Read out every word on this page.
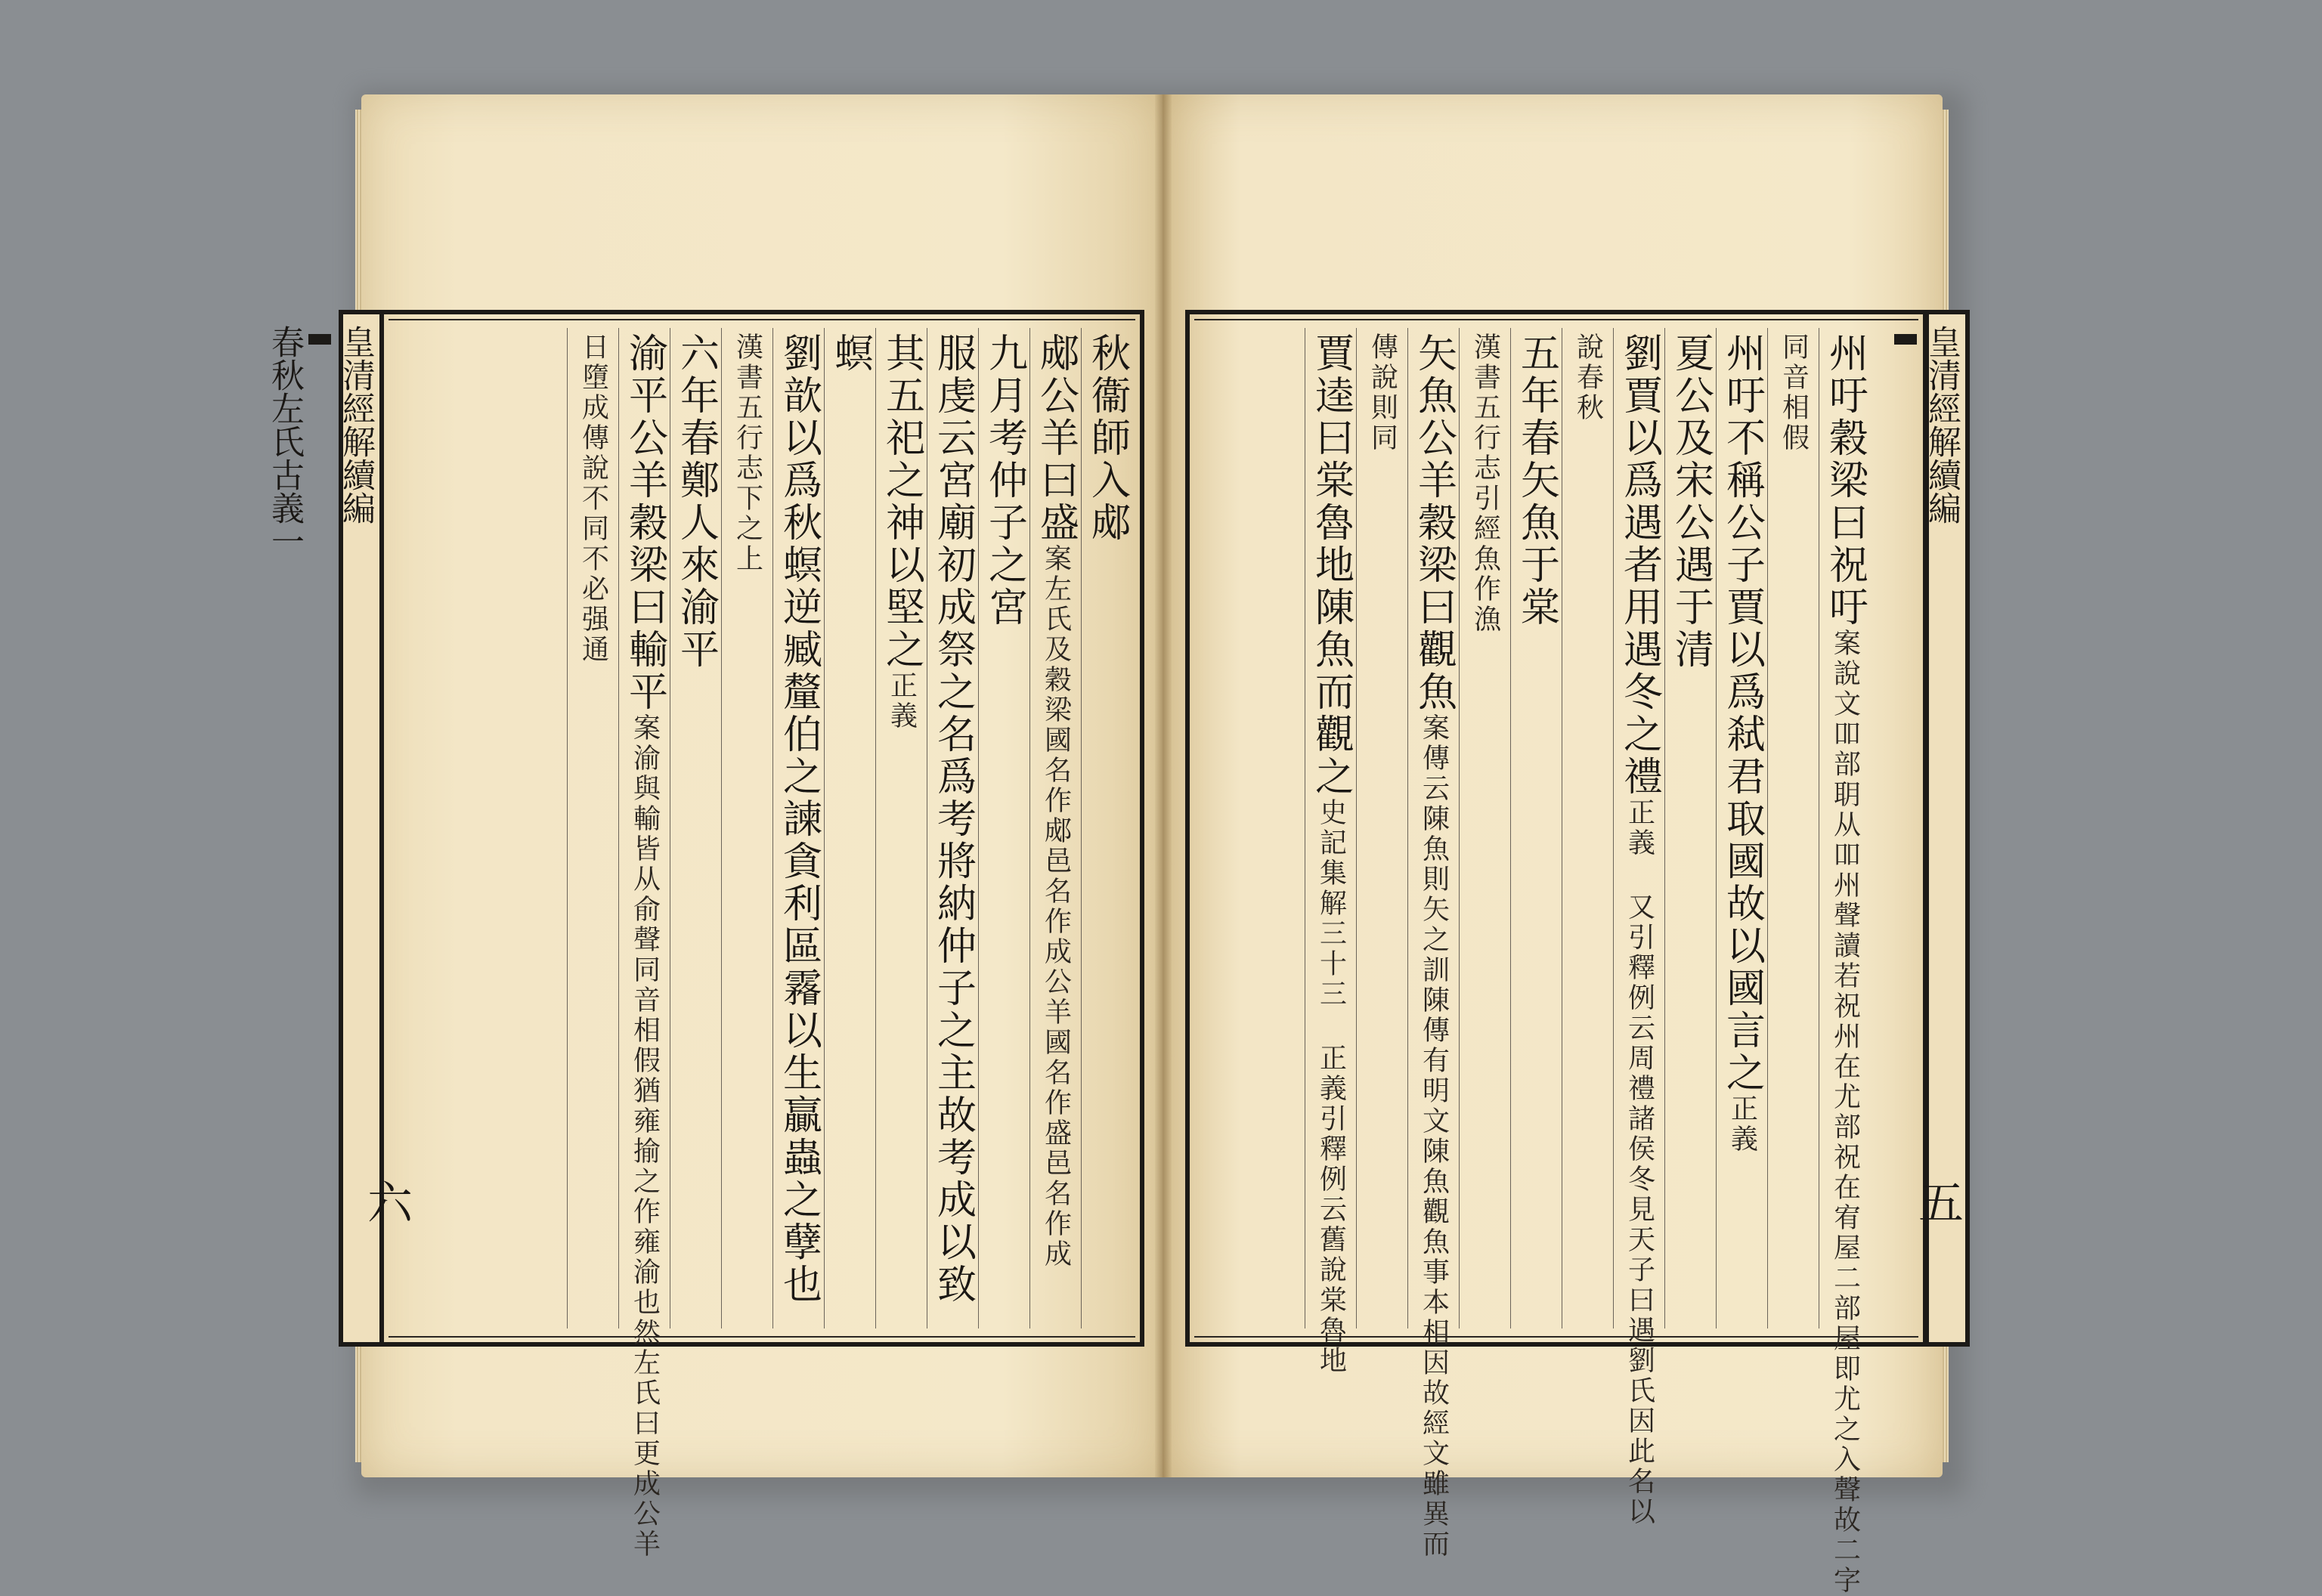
皇清經解續編
春秋左氏古義一	秋衞師入郕
郕公羊曰盛
案左氏及穀梁國名作郕邑名作成公羊國名作盛邑名作成
九月考仲子之宮
服虔云宮廟初成祭之名爲考將納仲子之主故考成以致
其五祀之神以堅之
正義
螟
劉歆以爲秋螟逆臧釐伯之諫貪利區霿以生贏蟲之孽也
漢書五行志下之上
六年春鄭人來渝平
渝平公羊穀梁曰輸平
案渝與輸皆从俞聲同音相假猶雍揄之作雍渝也然左氏曰更成公羊
日墮成傳說不同不必强通
六
皇清經解續編
州吁穀梁曰祝吁
案說文吅部䎳从吅州聲讀若祝州在尤部祝在宥屋二部屋即尤之入聲故二字
同音相假
州吁不稱公子賈以爲弒君取國故以國言之
正義
夏公及宋公遇于清
劉賈以爲遇者用遇冬之禮
正義 又引釋例云周禮諸侯冬見天子曰遇劉氏因此名以
說春秋
五年春矢魚于棠
漢書五行志引經魚作漁
矢魚公羊穀梁曰觀魚
案傳云陳魚則矢之訓陳傳有明文陳魚觀魚事本相因故經文雖異而
傳說則同
賈逵曰棠魯地陳魚而觀之
史記集解三十三 正義引釋例云舊說棠魯地	五
